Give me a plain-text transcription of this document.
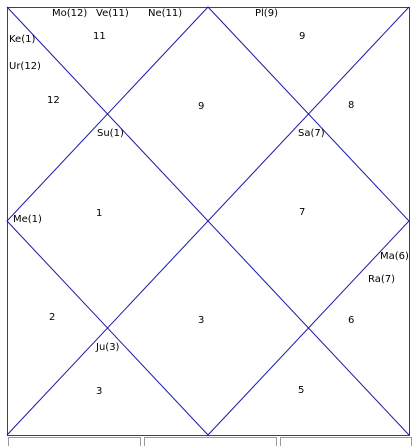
Mo(12) Ve(11) Ne(11)
11
Ke(1)
Ur(12)
12
9
Su(1)
Pl(9)
9
8
Sa(7)
7
1
Me(1)
Ma(6)
Ra(7)
6
2	3
Ju(3)
3	5
